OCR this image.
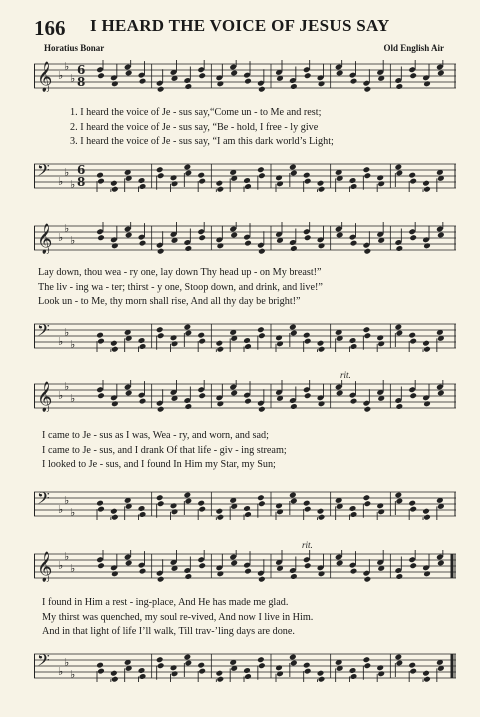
166 I HEARD THE VOICE OF JESUS SAY
Horatius Bonar	Old English Air
𝄞 ♭
♭
♭
6
8
1. I heard the voice of Je - sus say,“Come un - to Me and rest;
2. I heard the voice of Je - sus say, “Be - hold, I free - ly give
3. I heard the voice of Je - sus say, “I am this dark world’s Light;
𝄢 ♭
♭
♭
6
8
𝄞 ♭
♭
♭
Lay down, thou wea - ry one, lay down Thy head up - on My breast!”
The liv - ing wa - ter; thirst - y one, Stoop down, and drink, and live!”
Look un - to Me, thy morn shall rise, And all thy day be bright!”
𝄢 ♭
♭
♭
rit.
𝄞 ♭
♭
♭
I came to Je - sus as I was, Wea - ry, and worn, and sad;
I came to Je - sus, and I drank Of that life - giv - ing stream;
I looked to Je - sus, and I found In Him my Star, my Sun;
𝄢 ♭
♭
♭
rit.
𝄞 ♭
♭
♭
I found in Him a rest - ing-place, And He has made me glad.
My thirst was quenched, my soul re-vived, And now I live in Him.
And in that light of life I’ll walk, Till trav-’ling days are done.
𝄢 ♭
♭
♭
